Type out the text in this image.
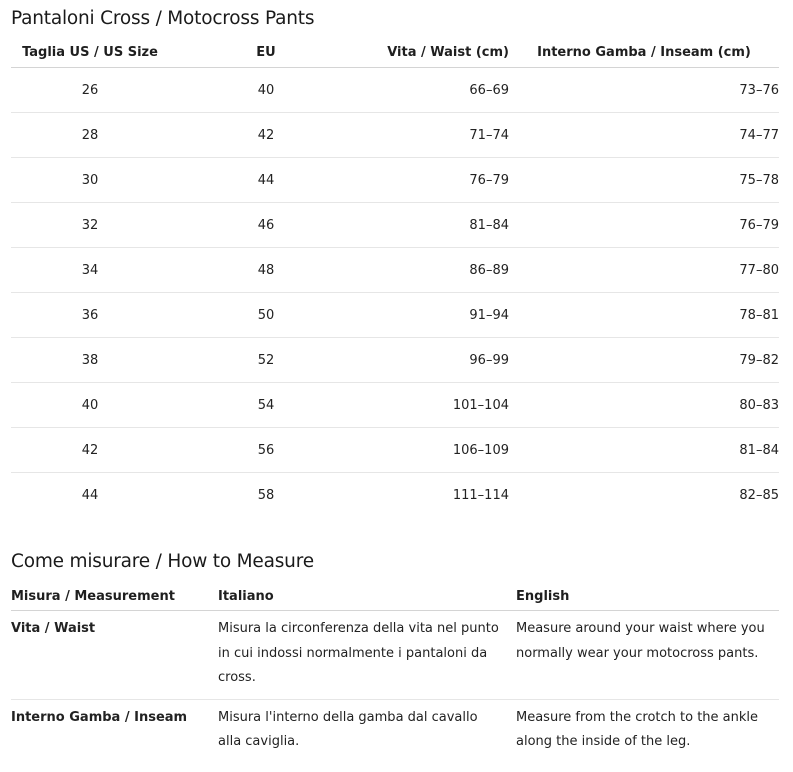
Pantaloni Cross / Motocross Pants
Taglia US / US Size	EU	Vita / Waist (cm)	Interno Gamba / Inseam (cm)
26	40	66–69	73–76
28	42	71–74	74–77
30	44	76–79	75–78
32	46	81–84	76–79
34	48	86–89	77–80
36	50	91–94	78–81
38	52	96–99	79–82
40	54	101–104	80–83
42	56	106–109	81–84
44	58	111–114	82–85
Come misurare / How to Measure
Misura / Measurement	Italiano	English
Vita / Waist	Misura la circonferenza della vita nel punto in cui indossi normalmente i pantaloni da cross.	Measure around your waist where you normally wear your motocross pants.
Interno Gamba / Inseam	Misura l'interno della gamba dal cavallo alla caviglia.	Measure from the crotch to the ankle along the inside of the leg.
